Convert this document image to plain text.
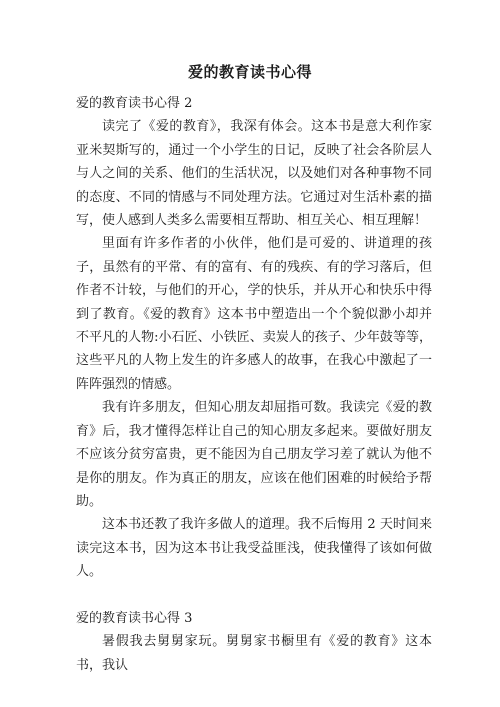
爱的教育读书心得
爱的教育读书心得 2

读完了《爱的教育》，我深有体会。这本书是意大利作家亚米契斯写的，通过一个小学生的日记，反映了社会各阶层人与人之间的关系、他们的生活状况，以及她们对各种事物不同的态度、不同的情感与不同处理方法。它通过对生活朴素的描写，使人感到人类多么需要相互帮助、相互关心、相互理解！

里面有许多作者的小伙伴，他们是可爱的、讲道理的孩子，虽然有的平常、有的富有、有的残疾、有的学习落后，但作者不计较，与他们的开心，学的快乐，并从开心和快乐中得到了教育。《爱的教育》这本书中塑造出一个个貌似渺小却并不平凡的人物:小石匠、小铁匠、卖炭人的孩子、少年鼓等等，这些平凡的人物上发生的许多感人的故事，在我心中激起了一阵阵强烈的情感。

我有许多朋友，但知心朋友却屈指可数。我读完《爱的教育》后，我才懂得怎样让自己的知心朋友多起来。要做好朋友不应该分贫穷富贵，更不能因为自己朋友学习差了就认为他不是你的朋友。作为真正的朋友，应该在他们困难的时候给予帮助。

这本书还教了我许多做人的道理。我不后悔用 2 天时间来读完这本书，因为这本书让我受益匪浅，使我懂得了该如何做人。

爱的教育读书心得 3

暑假我去舅舅家玩。舅舅家书橱里有《爱的教育》这本书，我认
